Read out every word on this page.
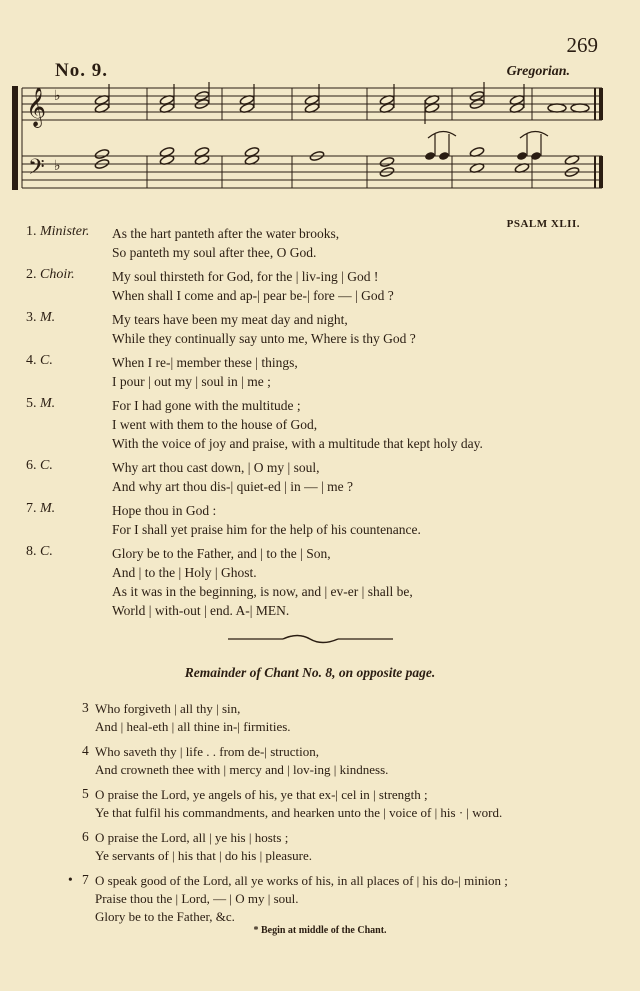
269
No. 9.	Gregorian.
𝄞
𝄢
♭
♭
PSALM XLII.
1. Minister. As the hart panteth after the water brooks,
So panteth my soul after thee, O God.
2. Choir.	My soul thirsteth for God, for the | liv-ing | God !
When shall I come and ap-| pear be-| fore — | God ?
3. M.	My tears have been my meat day and night,
While they continually say unto me, Where is thy God ?
4. C.	When I re-| member these | things,
I pour | out my | soul in | me ;
5. M.	For I had gone with the multitude ;
I went with them to the house of God,
With the voice of joy and praise, with a multitude that kept holy day.
6. C.	Why art thou cast down, | O my | soul,
And why art thou dis-| quiet-ed | in — | me ?
7. M.	Hope thou in God :
For I shall yet praise him for the help of his countenance.
8. C.	Glory be to the Father, and | to the | Son,
And | to the | Holy | Ghost.
As it was in the beginning, is now, and | ev-er | shall be,
World | with-out | end. A-| MEN.
Remainder of Chant No. 8, on opposite page.
3 Who forgiveth | all thy | sin,
And | heal-eth | all thine in-| firmities.
4 Who saveth thy | life . . from de-| struction,
And crowneth thee with | mercy and | lov-ing | kindness.
5 O praise the Lord, ye angels of his, ye that ex-| cel in | strength ;
Ye that fulfil his commandments, and hearken unto the | voice of | his · | word.
6 O praise the Lord, all | ye his | hosts ;
Ye servants of | his that | do his | pleasure.
• 7 O speak good of the Lord, all ye works of his, in all places of | his do-| minion ;
Praise thou the | Lord, — | O my | soul.
Glory be to the Father, &c.
* Begin at middle of the Chant.
